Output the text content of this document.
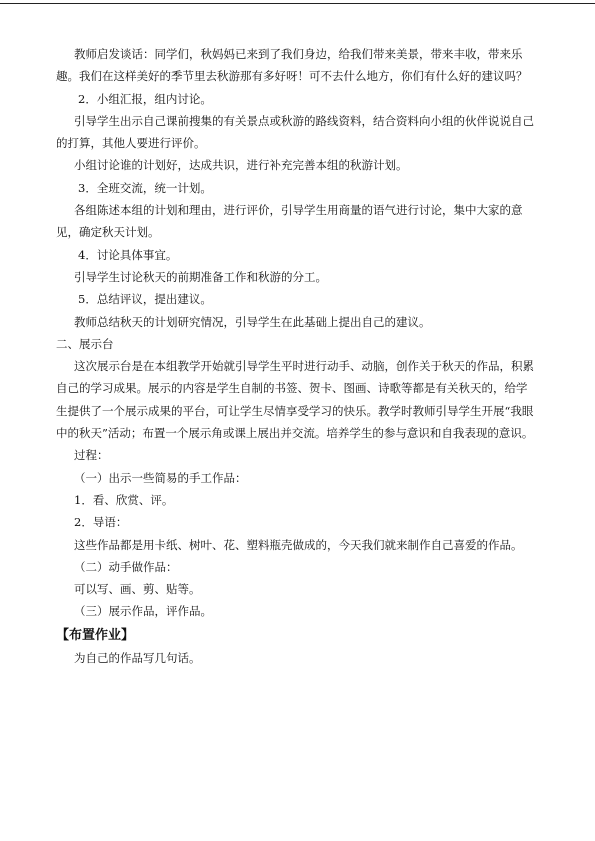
教师启发谈话：同学们，秋妈妈已来到了我们身边，给我们带来美景，带来丰收，带来乐趣。我们在这样美好的季节里去秋游那有多好呀！可不去什么地方，你们有什么好的建议吗？

2．小组汇报，组内讨论。

引导学生出示自己课前搜集的有关景点或秋游的路线资料，结合资料向小组的伙伴说说自己的打算，其他人要进行评价。

小组讨论谁的计划好，达成共识，进行补充完善本组的秋游计划。

3．全班交流，统一计划。

各组陈述本组的计划和理由，进行评价，引导学生用商量的语气进行讨论，集中大家的意见，确定秋天计划。

4．讨论具体事宜。

引导学生讨论秋天的前期准备工作和秋游的分工。

5．总结评议，提出建议。

教师总结秋天的计划研究情况，引导学生在此基础上提出自己的建议。

二、展示台

这次展示台是在本组教学开始就引导学生平时进行动手、动脑，创作关于秋天的作品，积累自己的学习成果。展示的内容是学生自制的书签、贺卡、图画、诗歌等都是有关秋天的，给学生提供了一个展示成果的平台，可让学生尽情享受学习的快乐。教学时教师引导学生开展“我眼中的秋天”活动；布置一个展示角或课上展出并交流。培养学生的参与意识和自我表现的意识。

过程：

（一）出示一些简易的手工作品：

1．看、欣赏、评。

2．导语：

这些作品都是用卡纸、树叶、花、塑料瓶壳做成的，今天我们就来制作自己喜爱的作品。

（二）动手做作品：

可以写、画、剪、贴等。

（三）展示作品，评作品。

【布置作业】

为自己的作品写几句话。
